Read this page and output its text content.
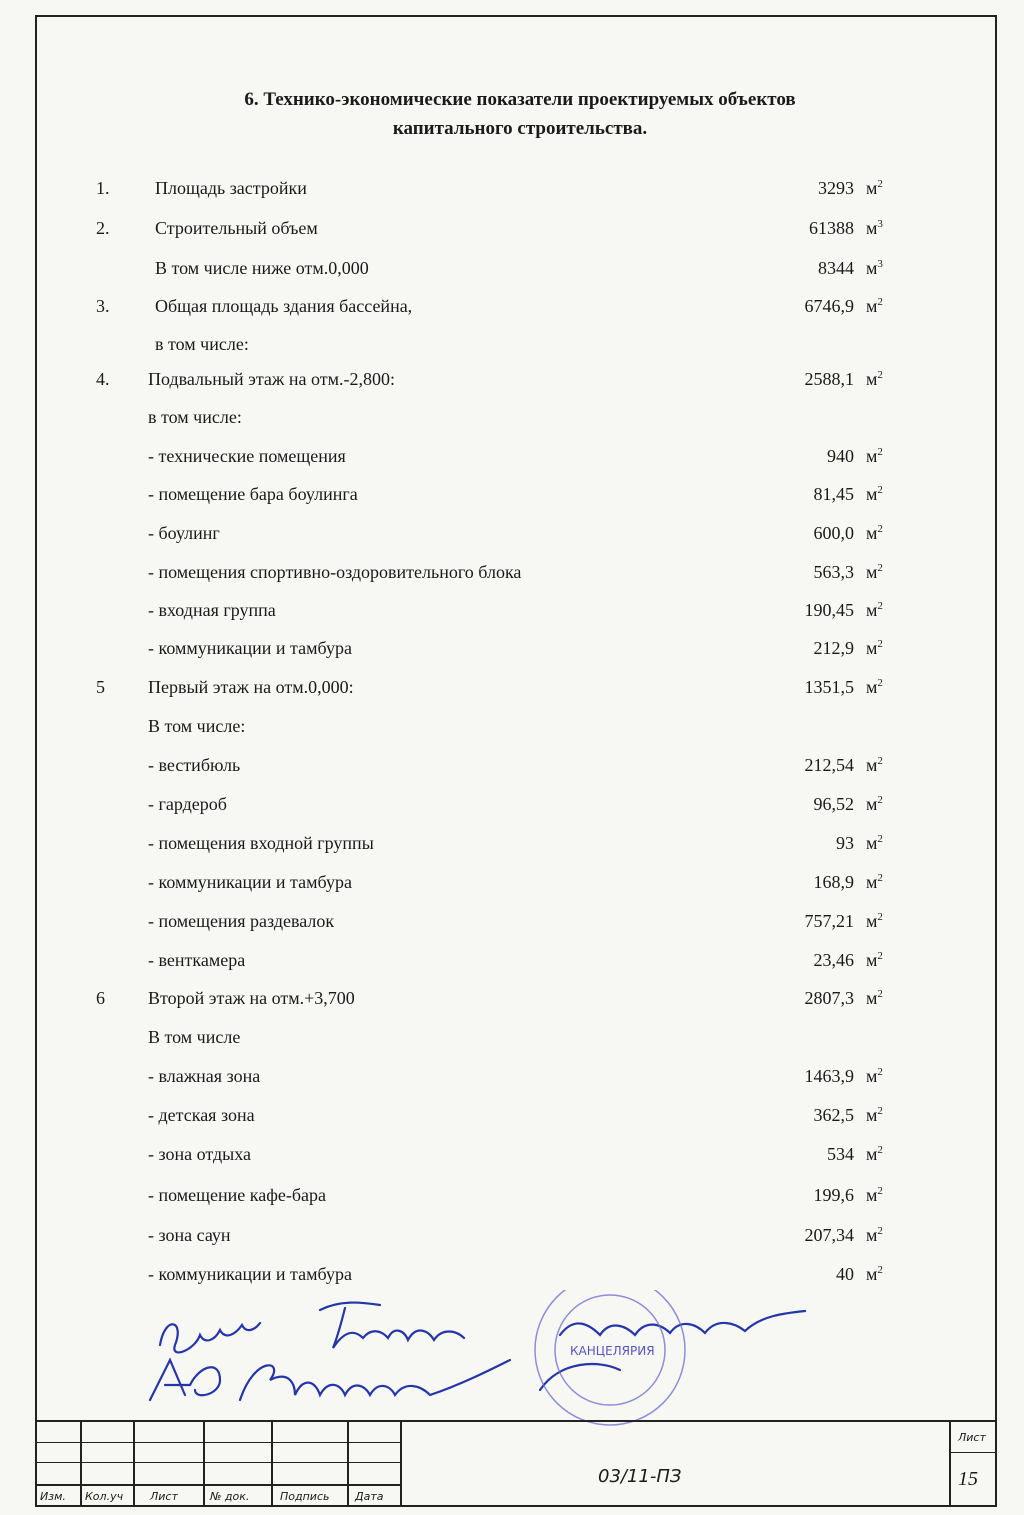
6. Технико-экономические показатели проектируемых объектов
капитального строительства.
1.	Площадь застройки	3293 $м^2$
2.	Строительный объем	61388 $м^3$
В том числе ниже отм.0,000	8344 $м^3$
3.	Общая площадь здания бассейна,	6746,9 $м^2$
в том числе:
4. Подвальный этаж на отм.-2,800:	2588,1 $м^2$
в том числе:
- технические помещения	940 $м^2$
- помещение бара боулинга	81,45 $м^2$
- боулинг	600,0 $м^2$
- помещения спортивно-оздоровительного блока	563,3 $м^2$
- входная группа	190,45 $м^2$
- коммуникации и тамбура	212,9 $м^2$
5 Первый этаж на отм.0,000:	1351,5 $м^2$
В том числе:
- вестибюль	212,54 $м^2$
- гардероб	96,52 $м^2$
- помещения входной группы	93 $м^2$
- коммуникации и тамбура	168,9 $м^2$
- помещения раздевалок	757,21 $м^2$
- венткамера	23,46 $м^2$
6 Второй этаж на отм.+3,700	2807,3 $м^2$
В том числе
- влажная зона	1463,9 $м^2$
- детская зона	362,5 $м^2$
- зона отдыха	534 $м^2$
- помещение кафе-бара	199,6 $м^2$
- зона саун	207,34 $м^2$
- коммуникации и тамбура	40 $м^2$
КАНЦЕЛЯРИЯ
Изм. Кол.уч Лист	№ док.	Подпись Дата
03/11-ПЗ
Лист
15
